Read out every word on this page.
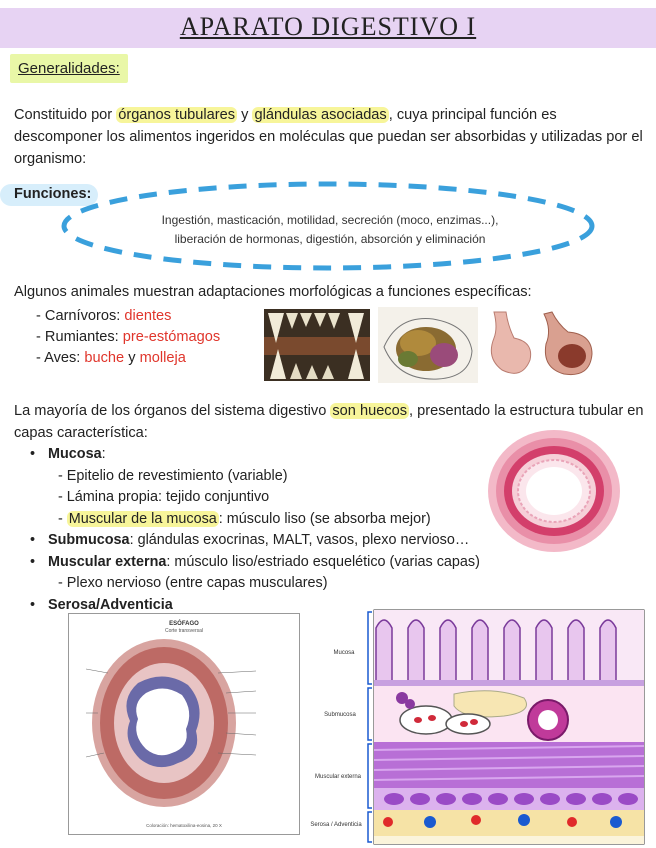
APARATO DIGESTIVO I
Generalidades:
Constituido por órganos tubulares y glándulas asociadas , cuya principal función es descomponer los alimentos ingeridos en moléculas que puedan ser absorbidas y utilizadas por el organismo:
Funciones:
Ingestión, masticación, motilidad, secreción (moco, enzimas...),
liberación de hormonas, digestión, absorción y eliminación
Algunos animales muestran adaptaciones morfológicas a funciones específicas:
- Carnívoros: dientes
- Rumiantes: pre-estómagos
- Aves: buche y molleja
La mayoría de los órganos del sistema digestivo son huecos , presentado la estructura tubular en capas característica:
• Mucosa:
- Epitelio de revestimiento (variable)
- Lámina propia: tejido conjuntivo
- Muscular de la mucosa : músculo liso (se absorba mejor)
• Submucosa: glándulas exocrinas, MALT, vasos, plexo nervioso…
• Muscular externa: músculo liso/estriado esquelético (varias capas)
- Plexo nervioso (entre capas musculares)
• Serosa/Adventicia
ESÓFAGO
Corte transversal
Coloración: hematoxilina-eosina, 20 X
Mucosa
Submucosa
Muscular externa
Serosa / Adventicia
